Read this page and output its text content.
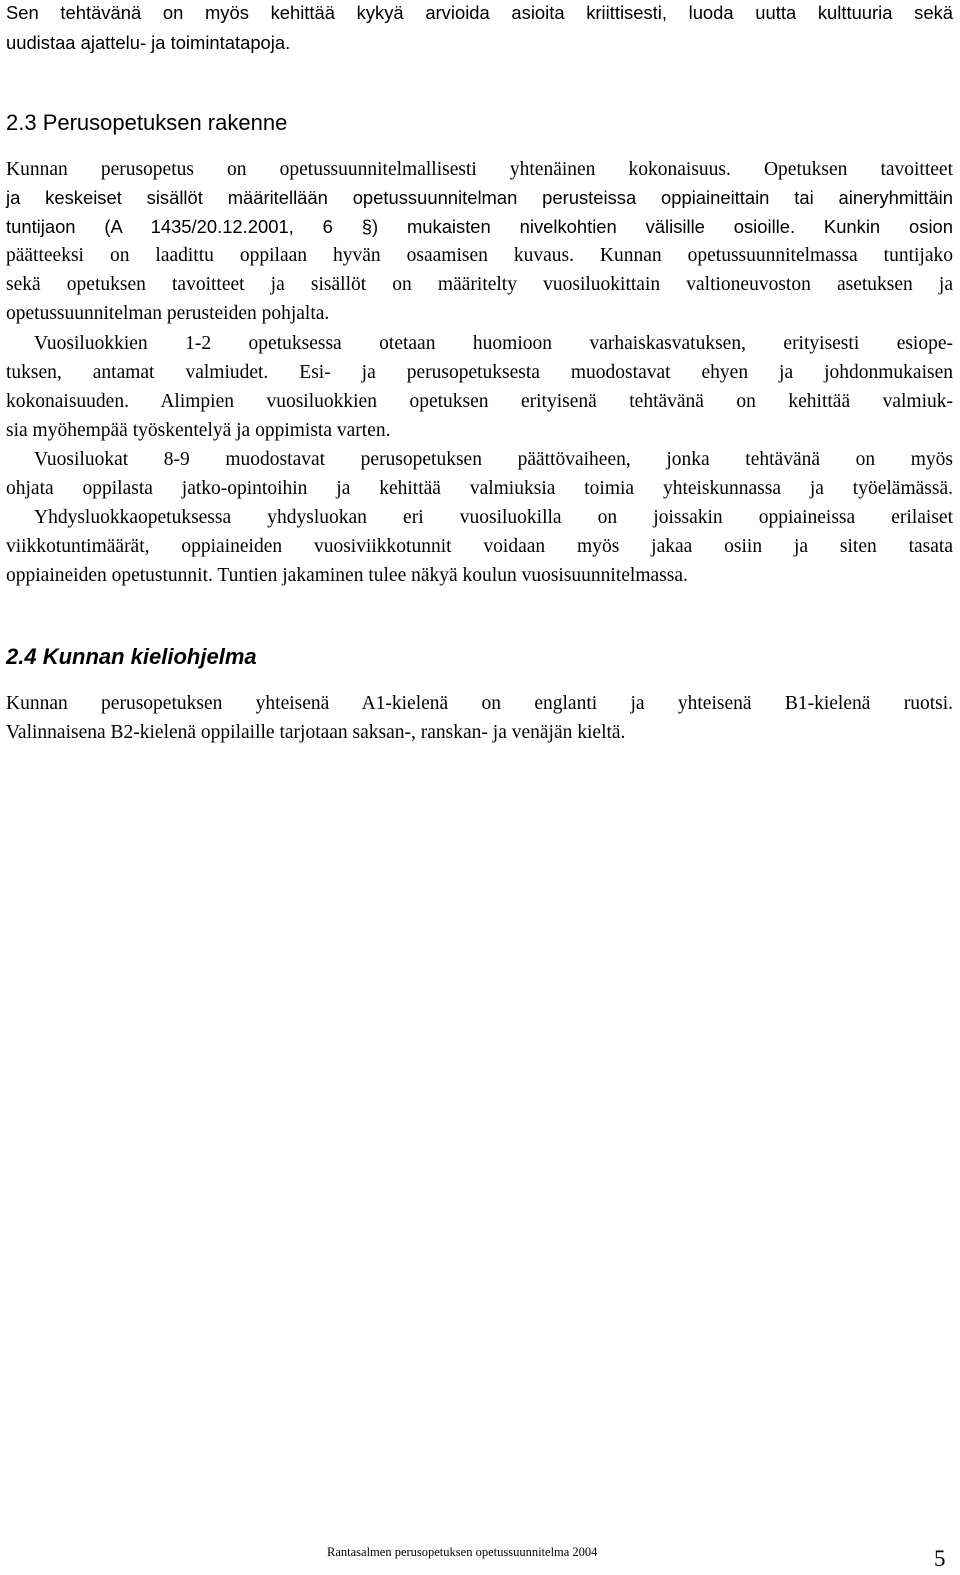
Sen tehtävänä on myös kehittää kykyä arvioida asioita kriittisesti, luoda uutta kulttuuria sekä
uudistaa ajattelu- ja toimintatapoja.
2.3 Perusopetuksen rakenne
Kunnan perusopetus on opetussuunnitelmallisesti yhtenäinen kokonaisuus. Opetuksen tavoitteet
ja keskeiset sisällöt määritellään opetussuunnitelman perusteissa oppiaineittain tai aineryhmittäin
tuntijaon (A 1435/20.12.2001, 6 §) mukaisten nivelkohtien välisille osioille. Kunkin osion
päätteeksi on laadittu oppilaan hyvän osaamisen kuvaus. Kunnan opetussuunnitelmassa tuntijako
sekä opetuksen tavoitteet ja sisällöt on määritelty vuosiluokittain valtioneuvoston asetuksen ja
opetussuunnitelman perusteiden pohjalta.
Vuosiluokkien 1-2 opetuksessa otetaan huomioon varhaiskasvatuksen, erityisesti esiope-
tuksen, antamat valmiudet. Esi- ja perusopetuksesta muodostavat ehyen ja johdonmukaisen
kokonaisuuden. Alimpien vuosiluokkien opetuksen erityisenä tehtävänä on kehittää valmiuk-
sia myöhempää työskentelyä ja oppimista varten.
Vuosiluokat 8-9 muodostavat perusopetuksen päättövaiheen, jonka tehtävänä on myös
ohjata oppilasta jatko-opintoihin ja kehittää valmiuksia toimia yhteiskunnassa ja työelämässä.
Yhdysluokkaopetuksessa yhdysluokan eri vuosiluokilla on joissakin oppiaineissa erilaiset
viikkotuntimäärät, oppiaineiden vuosiviikkotunnit voidaan myös jakaa osiin ja siten tasata
oppiaineiden opetustunnit. Tuntien jakaminen tulee näkyä koulun vuosisuunnitelmassa.
2.4 Kunnan kieliohjelma
Kunnan perusopetuksen yhteisenä A1-kielenä on englanti ja yhteisenä B1-kielenä ruotsi.
Valinnaisena B2-kielenä oppilaille tarjotaan saksan-, ranskan- ja venäjän kieltä.
Rantasalmen perusopetuksen opetussuunnitelma 2004	5
